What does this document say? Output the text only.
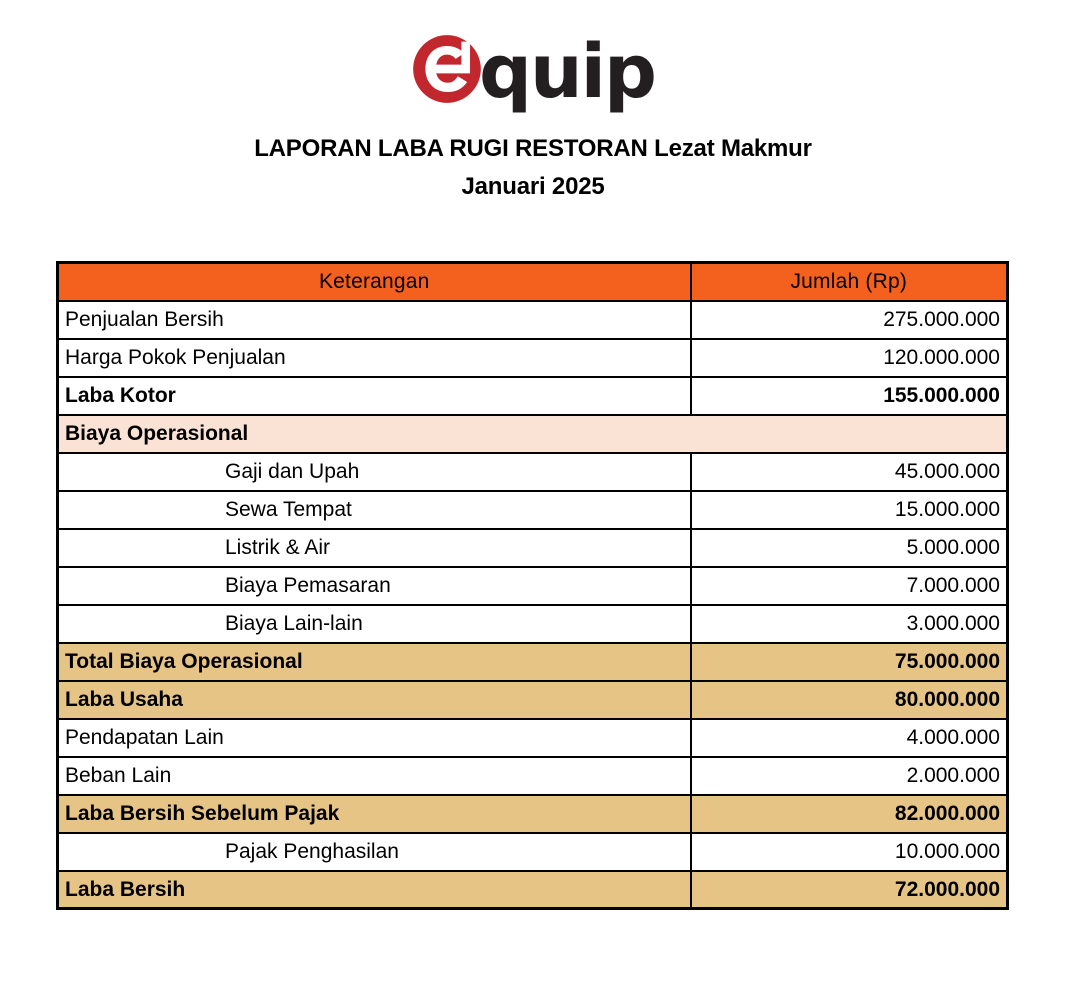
quip
LAPORAN LABA RUGI RESTORAN Lezat Makmur
Januari 2025
Keterangan	Jumlah (Rp)
Penjualan Bersih	275.000.000
Harga Pokok Penjualan	120.000.000
Laba Kotor	155.000.000
Biaya Operasional	
Gaji dan Upah	45.000.000
Sewa Tempat	15.000.000
Listrik & Air	5.000.000
Biaya Pemasaran	7.000.000
Biaya Lain-lain	3.000.000
Total Biaya Operasional	75.000.000
Laba Usaha	80.000.000
Pendapatan Lain	4.000.000
Beban Lain	2.000.000
Laba Bersih Sebelum Pajak	82.000.000
Pajak Penghasilan	10.000.000
Laba Bersih	72.000.000
